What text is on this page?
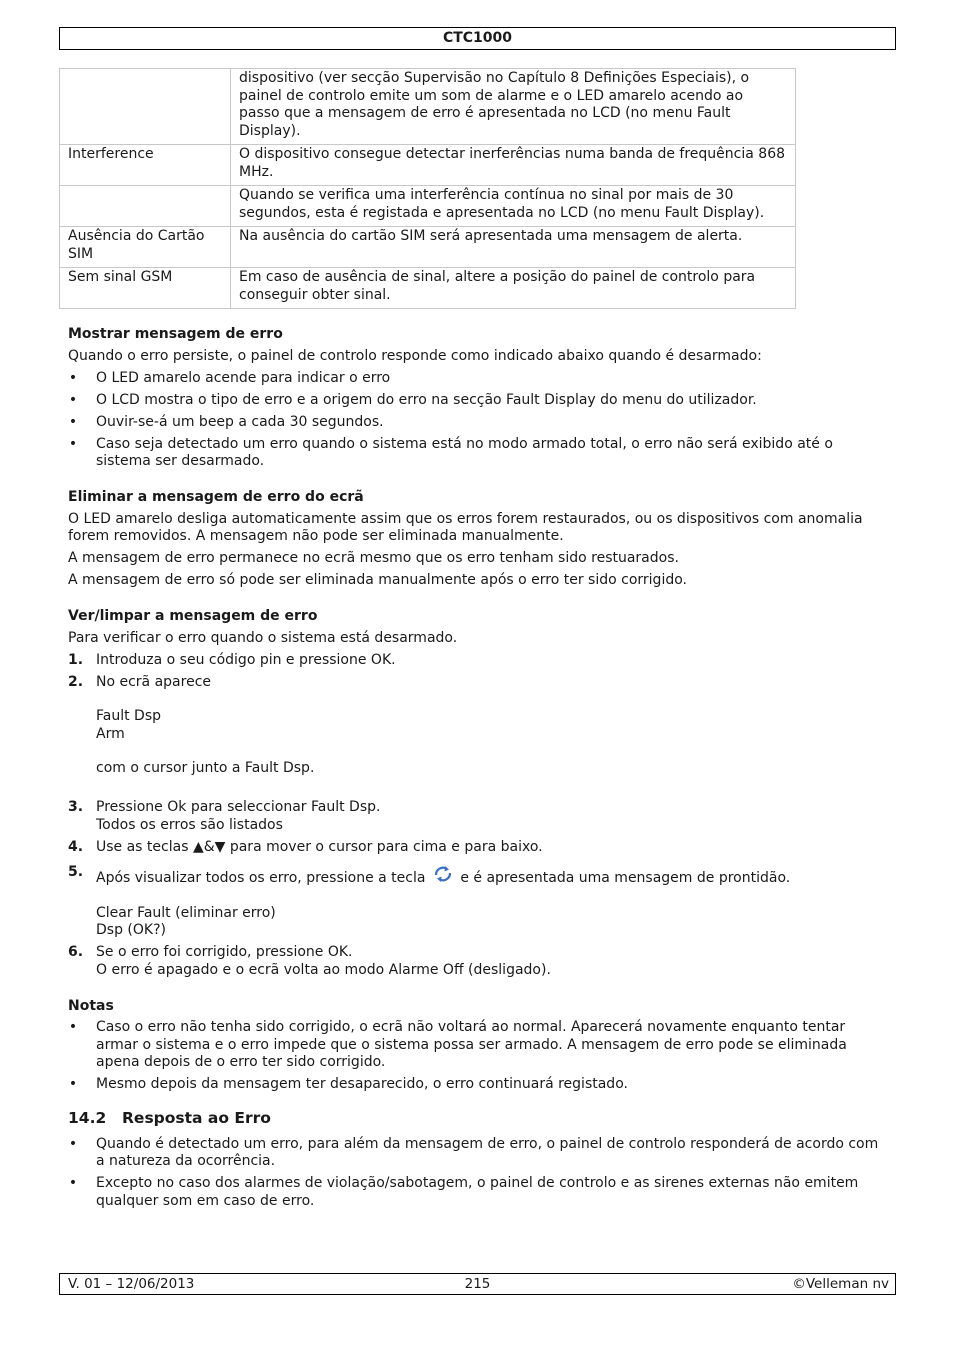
CTC1000
	dispositivo (ver secção Supervisão no Capítulo 8 Definições Especiais), o painel de controlo emite um som de alarme e o LED amarelo acendo ao passo que a mensagem de erro é apresentada no LCD (no menu Fault Display).
Interference	O dispositivo consegue detectar inerferências numa banda de frequência 868 MHz.
	Quando se verifica uma interferência contínua no sinal por mais de 30 segundos, esta é registada e apresentada no LCD (no menu Fault Display).
Ausência do Cartão SIM	Na ausência do cartão SIM será apresentada uma mensagem de alerta.
Sem sinal GSM	Em caso de ausência de sinal, altere a posição do painel de controlo para conseguir obter sinal.
Mostrar mensagem de erro

Quando o erro persiste, o painel de controlo responde como indicado abaixo quando é desarmado:

• O LED amarelo acende para indicar o erro
• O LCD mostra o tipo de erro e a origem do erro na secção Fault Display do menu do utilizador.
• Ouvir-se-á um beep a cada 30 segundos.
• Caso seja detectado um erro quando o sistema está no modo armado total, o erro não será exibido até o sistema ser desarmado.
Eliminar a mensagem de erro do ecrã

O LED amarelo desliga automaticamente assim que os erros forem restaurados, ou os dispositivos com anomalia forem removidos. A mensagem não pode ser eliminada manualmente.

A mensagem de erro permanece no ecrã mesmo que os erro tenham sido restuarados.

A mensagem de erro só pode ser eliminada manualmente após o erro ter sido corrigido.

Ver/limpar a mensagem de erro

Para verificar o erro quando o sistema está desarmado.

1. Introduza o seu código pin e pressione OK.
2. No ecrã aparece
Fault Dsp
Arm
com o cursor junto a Fault Dsp.
3. Pressione Ok para seleccionar Fault Dsp.
Todos os erros são listados
4. Use as teclas ▲&▼ para mover o cursor para cima e para baixo.
5. Após visualizar todos os erro, pressione a tecla e é apresentada uma mensagem de prontidão.
Clear Fault (eliminar erro)
Dsp (OK?)
6. Se o erro foi corrigido, pressione OK.
O erro é apagado e o ecrã volta ao modo Alarme Off (desligado).
Notas
• Caso o erro não tenha sido corrigido, o ecrã não voltará ao normal. Aparecerá novamente enquanto tentar armar o sistema e o erro impede que o sistema possa ser armado. A mensagem de erro pode se eliminada apena depois de o erro ter sido corrigido.
• Mesmo depois da mensagem ter desaparecido, o erro continuará registado.
14.2 Resposta ao Erro
• Quando é detectado um erro, para além da mensagem de erro, o painel de controlo responderá de acordo com a natureza da ocorrência.
• Excepto no caso dos alarmes de violação/sabotagem, o painel de controlo e as sirenes externas não emitem qualquer som em caso de erro.
V. 01 – 12/06/2013	215	©Velleman nv
